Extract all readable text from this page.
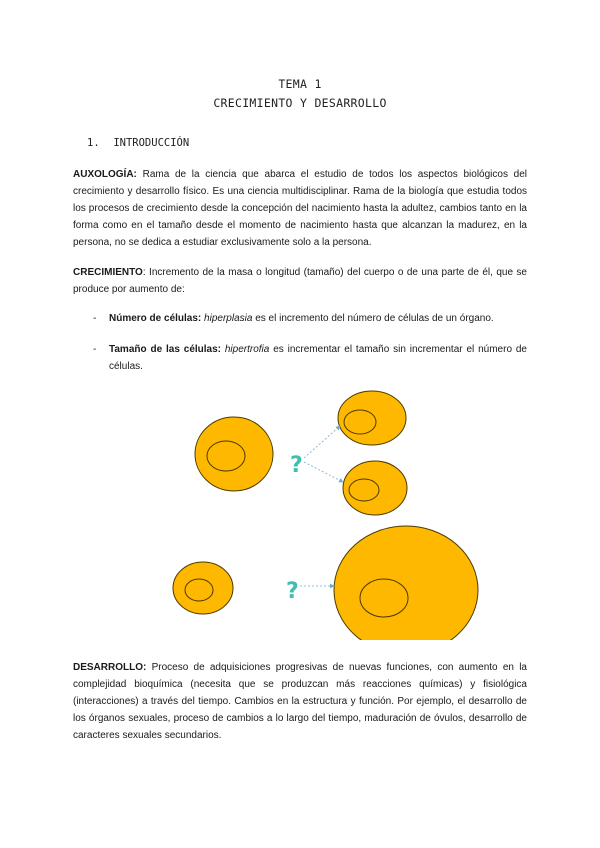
TEMA 1
CRECIMIENTO Y DESARROLLO
1. INTRODUCCIÓN
AUXOLOGÍA: Rama de la ciencia que abarca el estudio de todos los aspectos biológicos del crecimiento y desarrollo físico. Es una ciencia multidisciplinar. Rama de la biología que estudia todos los procesos de crecimiento desde la concepción del nacimiento hasta la adultez, cambios tanto en la forma como en el tamaño desde el momento de nacimiento hasta que alcanzan la madurez, en la persona, no se dedica a estudiar exclusivamente solo a la persona.
CRECIMIENTO: Incremento de la masa o longitud (tamaño) del cuerpo o de una parte de él, que se produce por aumento de:
- Número de células: hiperplasia es el incremento del número de células de un órgano.
- Tamaño de las células: hipertrofia es incrementar el tamaño sin incrementar el número de células.
?
?
DESARROLLO: Proceso de adquisiciones progresivas de nuevas funciones, con aumento en la complejidad bioquímica (necesita que se produzcan más reacciones químicas) y fisiológica (interacciones) a través del tiempo. Cambios en la estructura y función. Por ejemplo, el desarrollo de los órganos sexuales, proceso de cambios a lo largo del tiempo, maduración de óvulos, desarrollo de caracteres sexuales secundarios.
